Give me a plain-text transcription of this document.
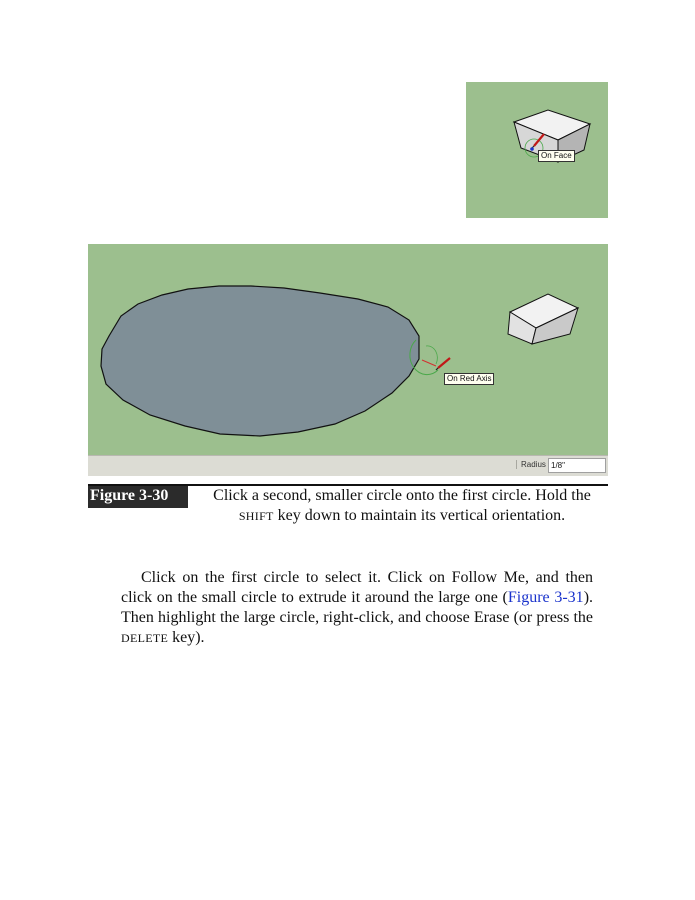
On Face
On Red Axis
Radius 1/8"
Figure 3-30	Click a second, smaller circle onto the first circle. Hold the SHIFT key down to maintain its vertical orientation.
Click on the first circle to select it. Click on Follow Me, and then click on the small circle to extrude it around the large one (Figure 3-31). Then highlight the large circle, right-click, and choose Erase (or press the DELETE key).
